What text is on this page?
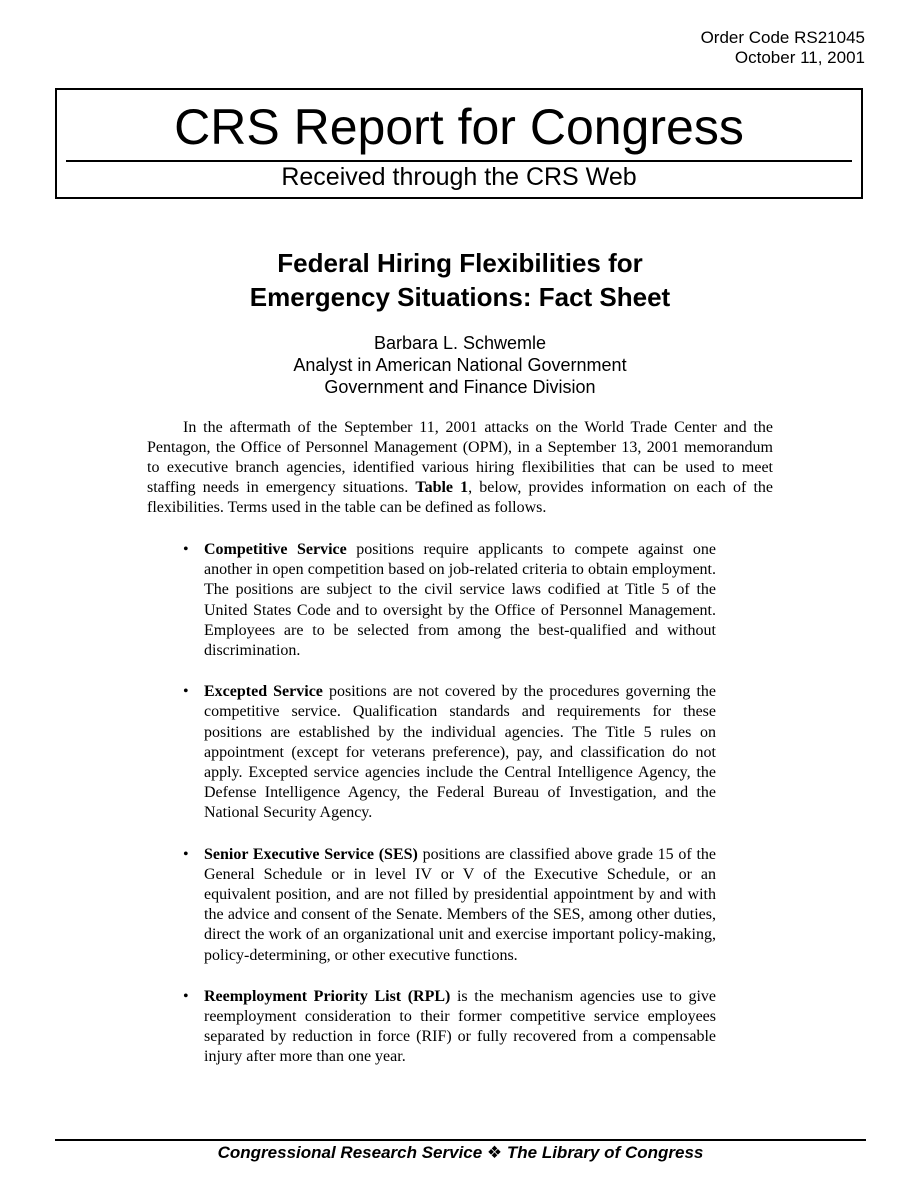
Order Code RS21045
October 11, 2001
CRS Report for Congress
Received through the CRS Web
Federal Hiring Flexibilities for
Emergency Situations: Fact Sheet
Barbara L. Schwemle
Analyst in American National Government
Government and Finance Division

In the aftermath of the September 11, 2001 attacks on the World Trade Center and the Pentagon, the Office of Personnel Management (OPM), in a September 13, 2001 memorandum to executive branch agencies, identified various hiring flexibilities that can be used to meet staffing needs in emergency situations. Table 1, below, provides information on each of the flexibilities. Terms used in the table can be defined as follows.

• Competitive Service positions require applicants to compete against one another in open competition based on job-related criteria to obtain employment. The positions are subject to the civil service laws codified at Title 5 of the United States Code and to oversight by the Office of Personnel Management. Employees are to be selected from among the best-qualified and without discrimination.
• Excepted Service positions are not covered by the procedures governing the competitive service. Qualification standards and requirements for these positions are established by the individual agencies. The Title 5 rules on appointment (except for veterans preference), pay, and classification do not apply. Excepted service agencies include the Central Intelligence Agency, the Defense Intelligence Agency, the Federal Bureau of Investigation, and the National Security Agency.
• Senior Executive Service (SES) positions are classified above grade 15 of the General Schedule or in level IV or V of the Executive Schedule, or an equivalent position, and are not filled by presidential appointment by and with the advice and consent of the Senate. Members of the SES, among other duties, direct the work of an organizational unit and exercise important policy-making, policy-determining, or other executive functions.
• Reemployment Priority List (RPL) is the mechanism agencies use to give reemployment consideration to their former competitive service employees separated by reduction in force (RIF) or fully recovered from a compensable injury after more than one year.
Congressional Research Service ❖ The Library of Congress
